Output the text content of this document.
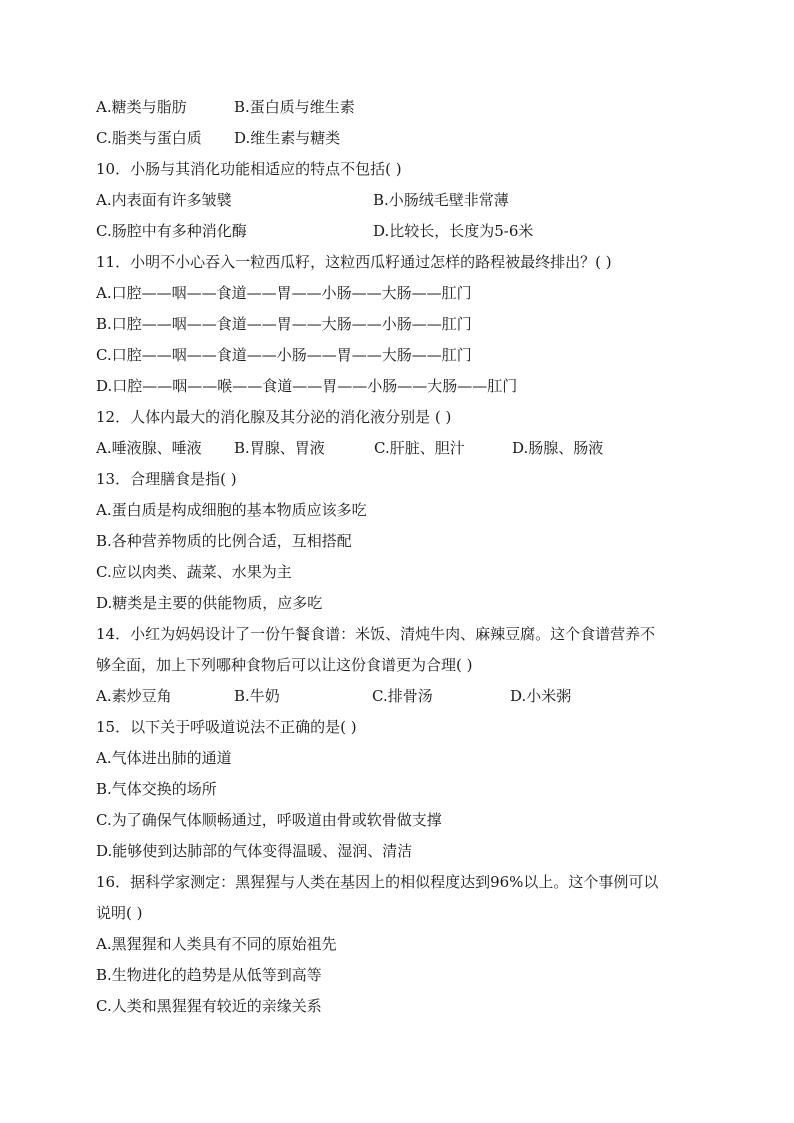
A.糖类与脂肪	B.蛋白质与维生素
C.脂类与蛋白质	D.维生素与糖类
10．小肠与其消化功能相适应的特点不包括( )
A.内表面有许多皱襞	B.小肠绒毛壁非常薄
C.肠腔中有多种消化酶	D.比较长，长度为5-6米
11．小明不小心吞入一粒西瓜籽，这粒西瓜籽通过怎样的路程被最终排出？( )
A.口腔——咽——食道——胃——小肠——大肠——肛门
B.口腔——咽——食道——胃——大肠——小肠——肛门
C.口腔——咽——食道——小肠——胃——大肠——肛门
D.口腔——咽——喉——食道——胃——小肠——大肠——肛门
12．人体内最大的消化腺及其分泌的消化液分别是 ( )
A.唾液腺、唾液	B.胃腺、胃液	C.肝脏、胆汁	D.肠腺、肠液
13．合理膳食是指( )
A.蛋白质是构成细胞的基本物质应该多吃
B.各种营养物质的比例合适，互相搭配
C.应以肉类、蔬菜、水果为主
D.糖类是主要的供能物质，应多吃
14．小红为妈妈设计了一份午餐食谱：米饭、清炖牛肉、麻辣豆腐。这个食谱营养不
够全面，加上下列哪种食物后可以让这份食谱更为合理( )
A.素炒豆角	B.牛奶	C.排骨汤	D.小米粥
15．以下关于呼吸道说法不正确的是( )
A.气体进出肺的通道
B.气体交换的场所
C.为了确保气体顺畅通过，呼吸道由骨或软骨做支撑
D.能够使到达肺部的气体变得温暖、湿润、清洁
16．据科学家测定：黑猩猩与人类在基因上的相似程度达到96%以上。这个事例可以
说明( )
A.黑猩猩和人类具有不同的原始祖先
B.生物进化的趋势是从低等到高等
C.人类和黑猩猩有较近的亲缘关系
